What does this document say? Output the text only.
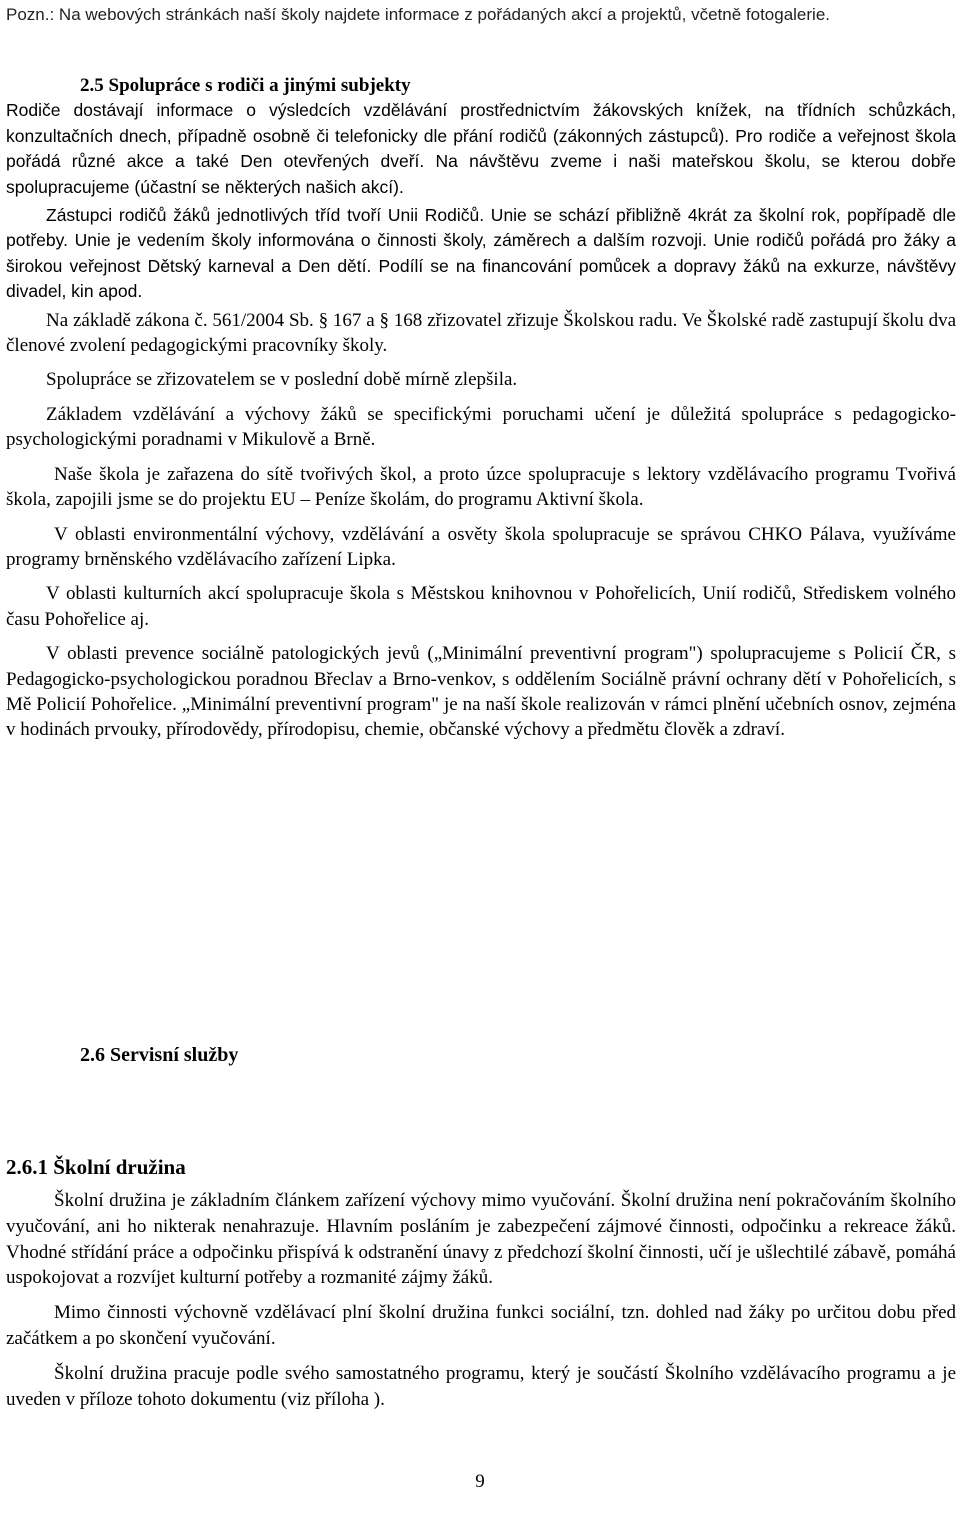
Pozn.: Na webových stránkách naší školy najdete informace z pořádaných akcí a projektů, včetně fotogalerie.
2.5 Spolupráce s rodiči a jinými subjekty

Rodiče dostávají informace o výsledcích vzdělávání prostřednictvím žákovských knížek, na třídních schůzkách, konzultačních dnech, případně osobně či telefonicky dle přání rodičů (zákonných zástupců). Pro rodiče a veřejnost škola pořádá různé akce a také Den otevřených dveří. Na návštěvu zveme i naši mateřskou školu, se kterou dobře spolupracujeme (účastní se některých našich akcí).

Zástupci rodičů žáků jednotlivých tříd tvoří Unii Rodičů. Unie se schází přibližně 4krát za školní rok, popřípadě dle potřeby. Unie je vedením školy informována o činnosti školy, záměrech a dalším rozvoji. Unie rodičů pořádá pro žáky a širokou veřejnost Dětský karneval a Den dětí. Podílí se na financování pomůcek a dopravy žáků na exkurze, návštěvy divadel, kin apod.

Na základě zákona č. 561/2004 Sb. § 167 a § 168 zřizovatel zřizuje Školskou radu. Ve Školské radě zastupují školu dva členové zvolení pedagogickými pracovníky školy.

Spolupráce se zřizovatelem se v poslední době mírně zlepšila.

Základem vzdělávání a výchovy žáků se specifickými poruchami učení je důležitá spolupráce s pedagogicko-psychologickými poradnami v Mikulově a Brně.

Naše škola je zařazena do sítě tvořivých škol, a proto úzce spolupracuje s lektory vzdělávacího programu Tvořivá škola, zapojili jsme se do projektu EU – Peníze školám, do programu Aktivní škola.

V oblasti environmentální výchovy, vzdělávání a osvěty škola spolupracuje se správou CHKO Pálava, využíváme programy brněnského vzdělávacího zařízení Lipka.

V oblasti kulturních akcí spolupracuje škola s Městskou knihovnou v Pohořelicích, Unií rodičů, Střediskem volného času Pohořelice aj.

V oblasti prevence sociálně patologických jevů („Minimální preventivní program") spolupracujeme s Policií ČR, s Pedagogicko-psychologickou poradnou Břeclav a Brno-venkov, s oddělením Sociálně právní ochrany dětí v Pohořelicích, s Mě Policií Pohořelice. „Minimální preventivní program" je na naší škole realizován v rámci plnění učebních osnov, zejména v hodinách prvouky, přírodovědy, přírodopisu, chemie, občanské výchovy a předmětu člověk a zdraví.

2.6 Servisní služby
2.6.1 Školní družina

Školní družina je základním článkem zařízení výchovy mimo vyučování. Školní družina není pokračováním školního vyučování, ani ho nikterak nenahrazuje. Hlavním posláním je zabezpečení zájmové činnosti, odpočinku a rekreace žáků. Vhodné střídání práce a odpočinku přispívá k odstranění únavy z předchozí školní činnosti, učí je ušlechtilé zábavě, pomáhá uspokojovat a rozvíjet kulturní potřeby a rozmanité zájmy žáků.

Mimo činnosti výchovně vzdělávací plní školní družina funkci sociální, tzn. dohled nad žáky po určitou dobu před začátkem a po skončení vyučování.

Školní družina pracuje podle svého samostatného programu, který je součástí Školního vzdělávacího programu a je uveden v příloze tohoto dokumentu (viz příloha ).

9
